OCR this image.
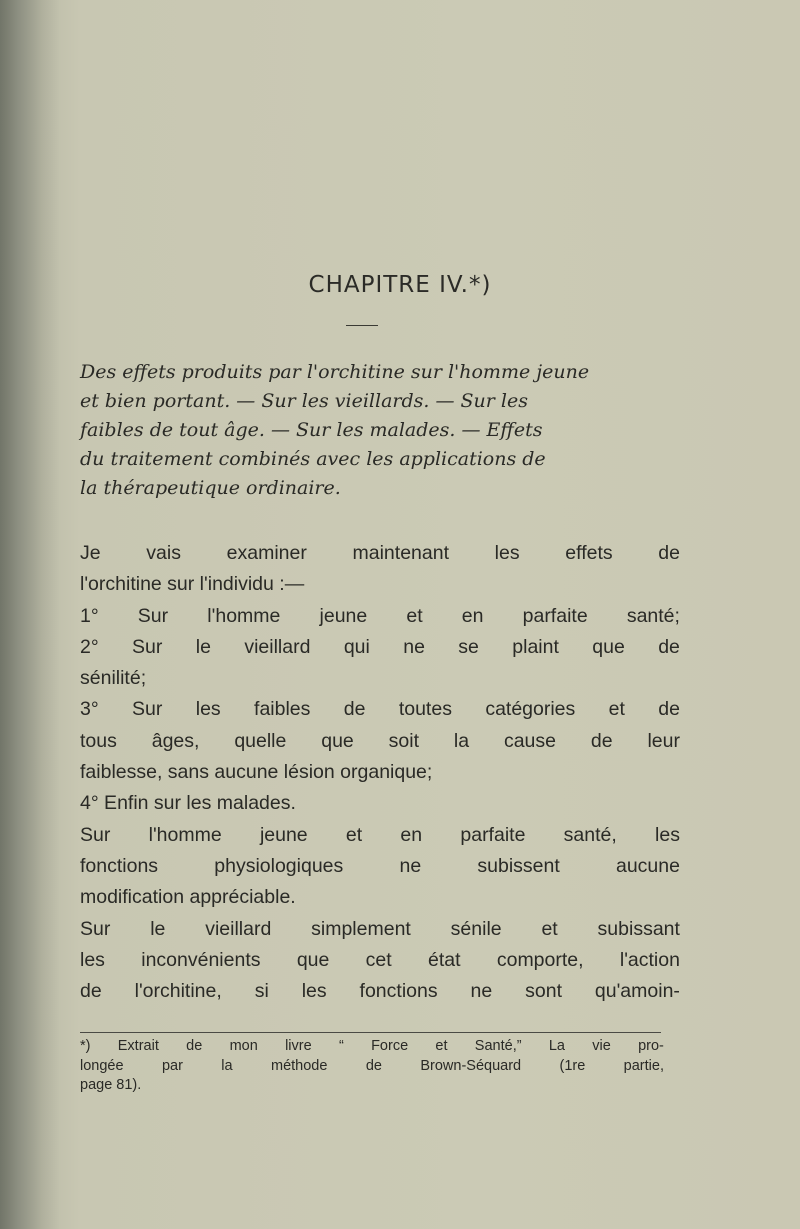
CHAPITRE IV.*)
Des effets produits par l'orchitine sur l'homme jeune
et bien portant. — Sur les vieillards. — Sur les
faibles de tout âge. — Sur les malades. — Effets
du traitement combinés avec les applications de
la thérapeutique ordinaire.
Je vais examiner maintenant les effets de
l'orchitine sur l'individu :—
1° Sur l'homme jeune et en parfaite santé;
2° Sur le vieillard qui ne se plaint que de
sénilité;
3° Sur les faibles de toutes catégories et de
tous âges, quelle que soit la cause de leur
faiblesse, sans aucune lésion organique;
4° Enfin sur les malades.
Sur l'homme jeune et en parfaite santé, les
fonctions	physiologiques	ne	subissent	aucune
modification appréciable.
Sur le vieillard simplement sénile et subissant
les inconvénients que cet état comporte, l'action
de l'orchitine, si les fonctions ne sont qu'amoin-
*) Extrait de mon livre “ Force et Santé,” La vie pro-
longée	par	la	méthode	de	Brown-Séquard	(1re	partie,
page 81).
